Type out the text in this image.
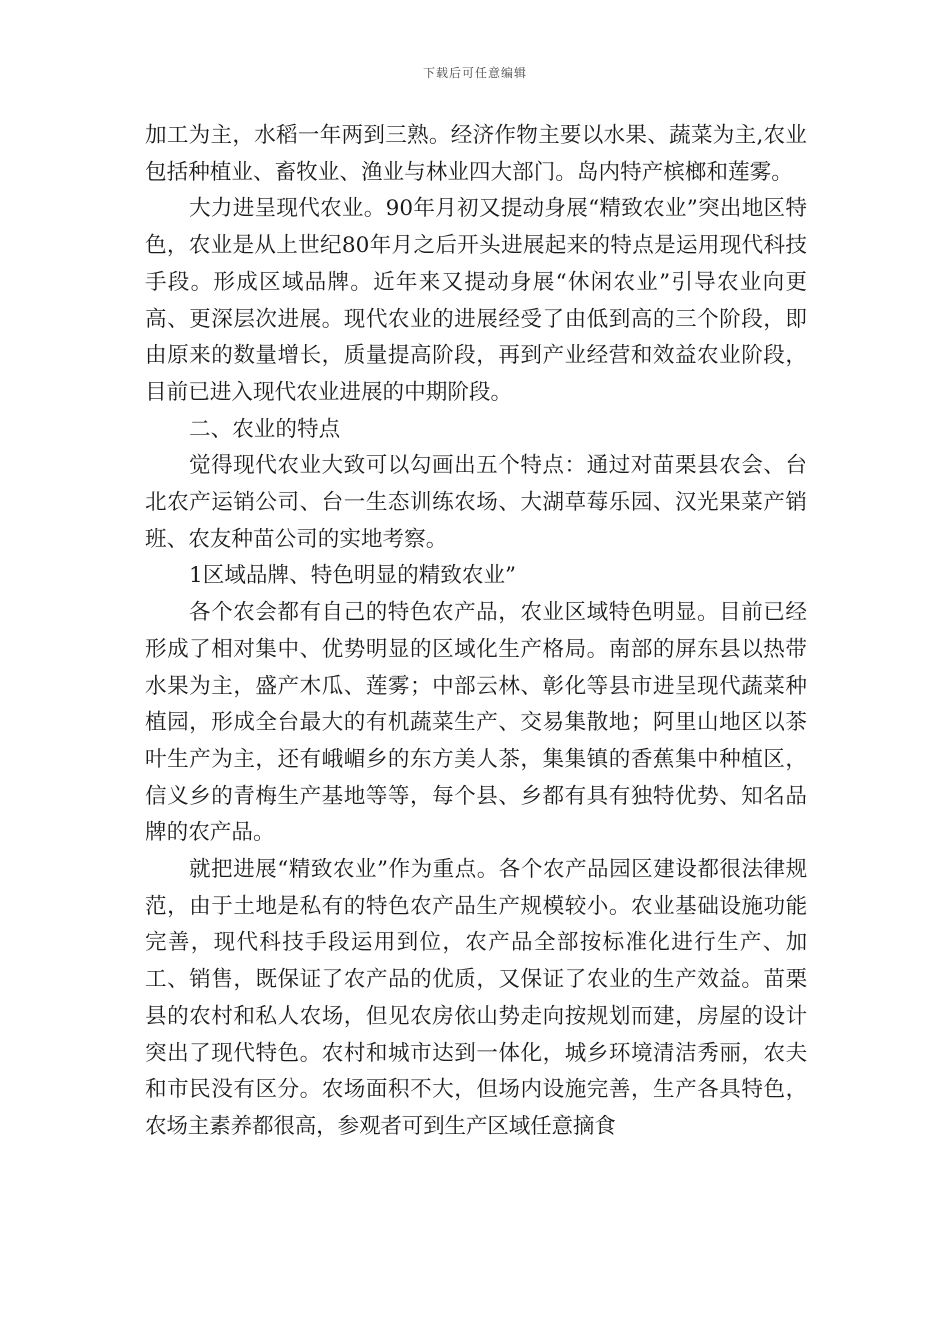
下载后可任意编辑

加工为主，水稻一年两到三熟。经济作物主要以水果、蔬菜为主,农业包括种植业、畜牧业、渔业与林业四大部门。岛内特产槟榔和莲雾。

大力进呈现代农业。90年月初又提动身展“精致农业”突出地区特色，农业是从上世纪80年月之后开头进展起来的特点是运用现代科技手段。形成区域品牌。近年来又提动身展“休闲农业”引导农业向更高、更深层次进展。现代农业的进展经受了由低到高的三个阶段，即由原来的数量增长，质量提高阶段，再到产业经营和效益农业阶段，目前已进入现代农业进展的中期阶段。

二、农业的特点

觉得现代农业大致可以勾画出五个特点：通过对苗栗县农会、台北农产运销公司、台一生态训练农场、大湖草莓乐园、汉光果菜产销班、农友种苗公司的实地考察。

1区域品牌、特色明显的精致农业”

各个农会都有自己的特色农产品，农业区域特色明显。目前已经形成了相对集中、优势明显的区域化生产格局。南部的屏东县以热带水果为主，盛产木瓜、莲雾；中部云林、彰化等县市进呈现代蔬菜种植园，形成全台最大的有机蔬菜生产、交易集散地；阿里山地区以茶叶生产为主，还有峨嵋乡的东方美人茶，集集镇的香蕉集中种植区，信义乡的青梅生产基地等等，每个县、乡都有具有独特优势、知名品牌的农产品。

就把进展“精致农业”作为重点。各个农产品园区建设都很法律规范，由于土地是私有的特色农产品生产规模较小。农业基础设施功能完善，现代科技手段运用到位，农产品全部按标准化进行生产、加工、销售，既保证了农产品的优质，又保证了农业的生产效益。苗栗县的农村和私人农场，但见农房依山势走向按规划而建，房屋的设计突出了现代特色。农村和城市达到一体化，城乡环境清洁秀丽，农夫和市民没有区分。农场面积不大，但场内设施完善，生产各具特色，农场主素养都很高，参观者可到生产区域任意摘食
